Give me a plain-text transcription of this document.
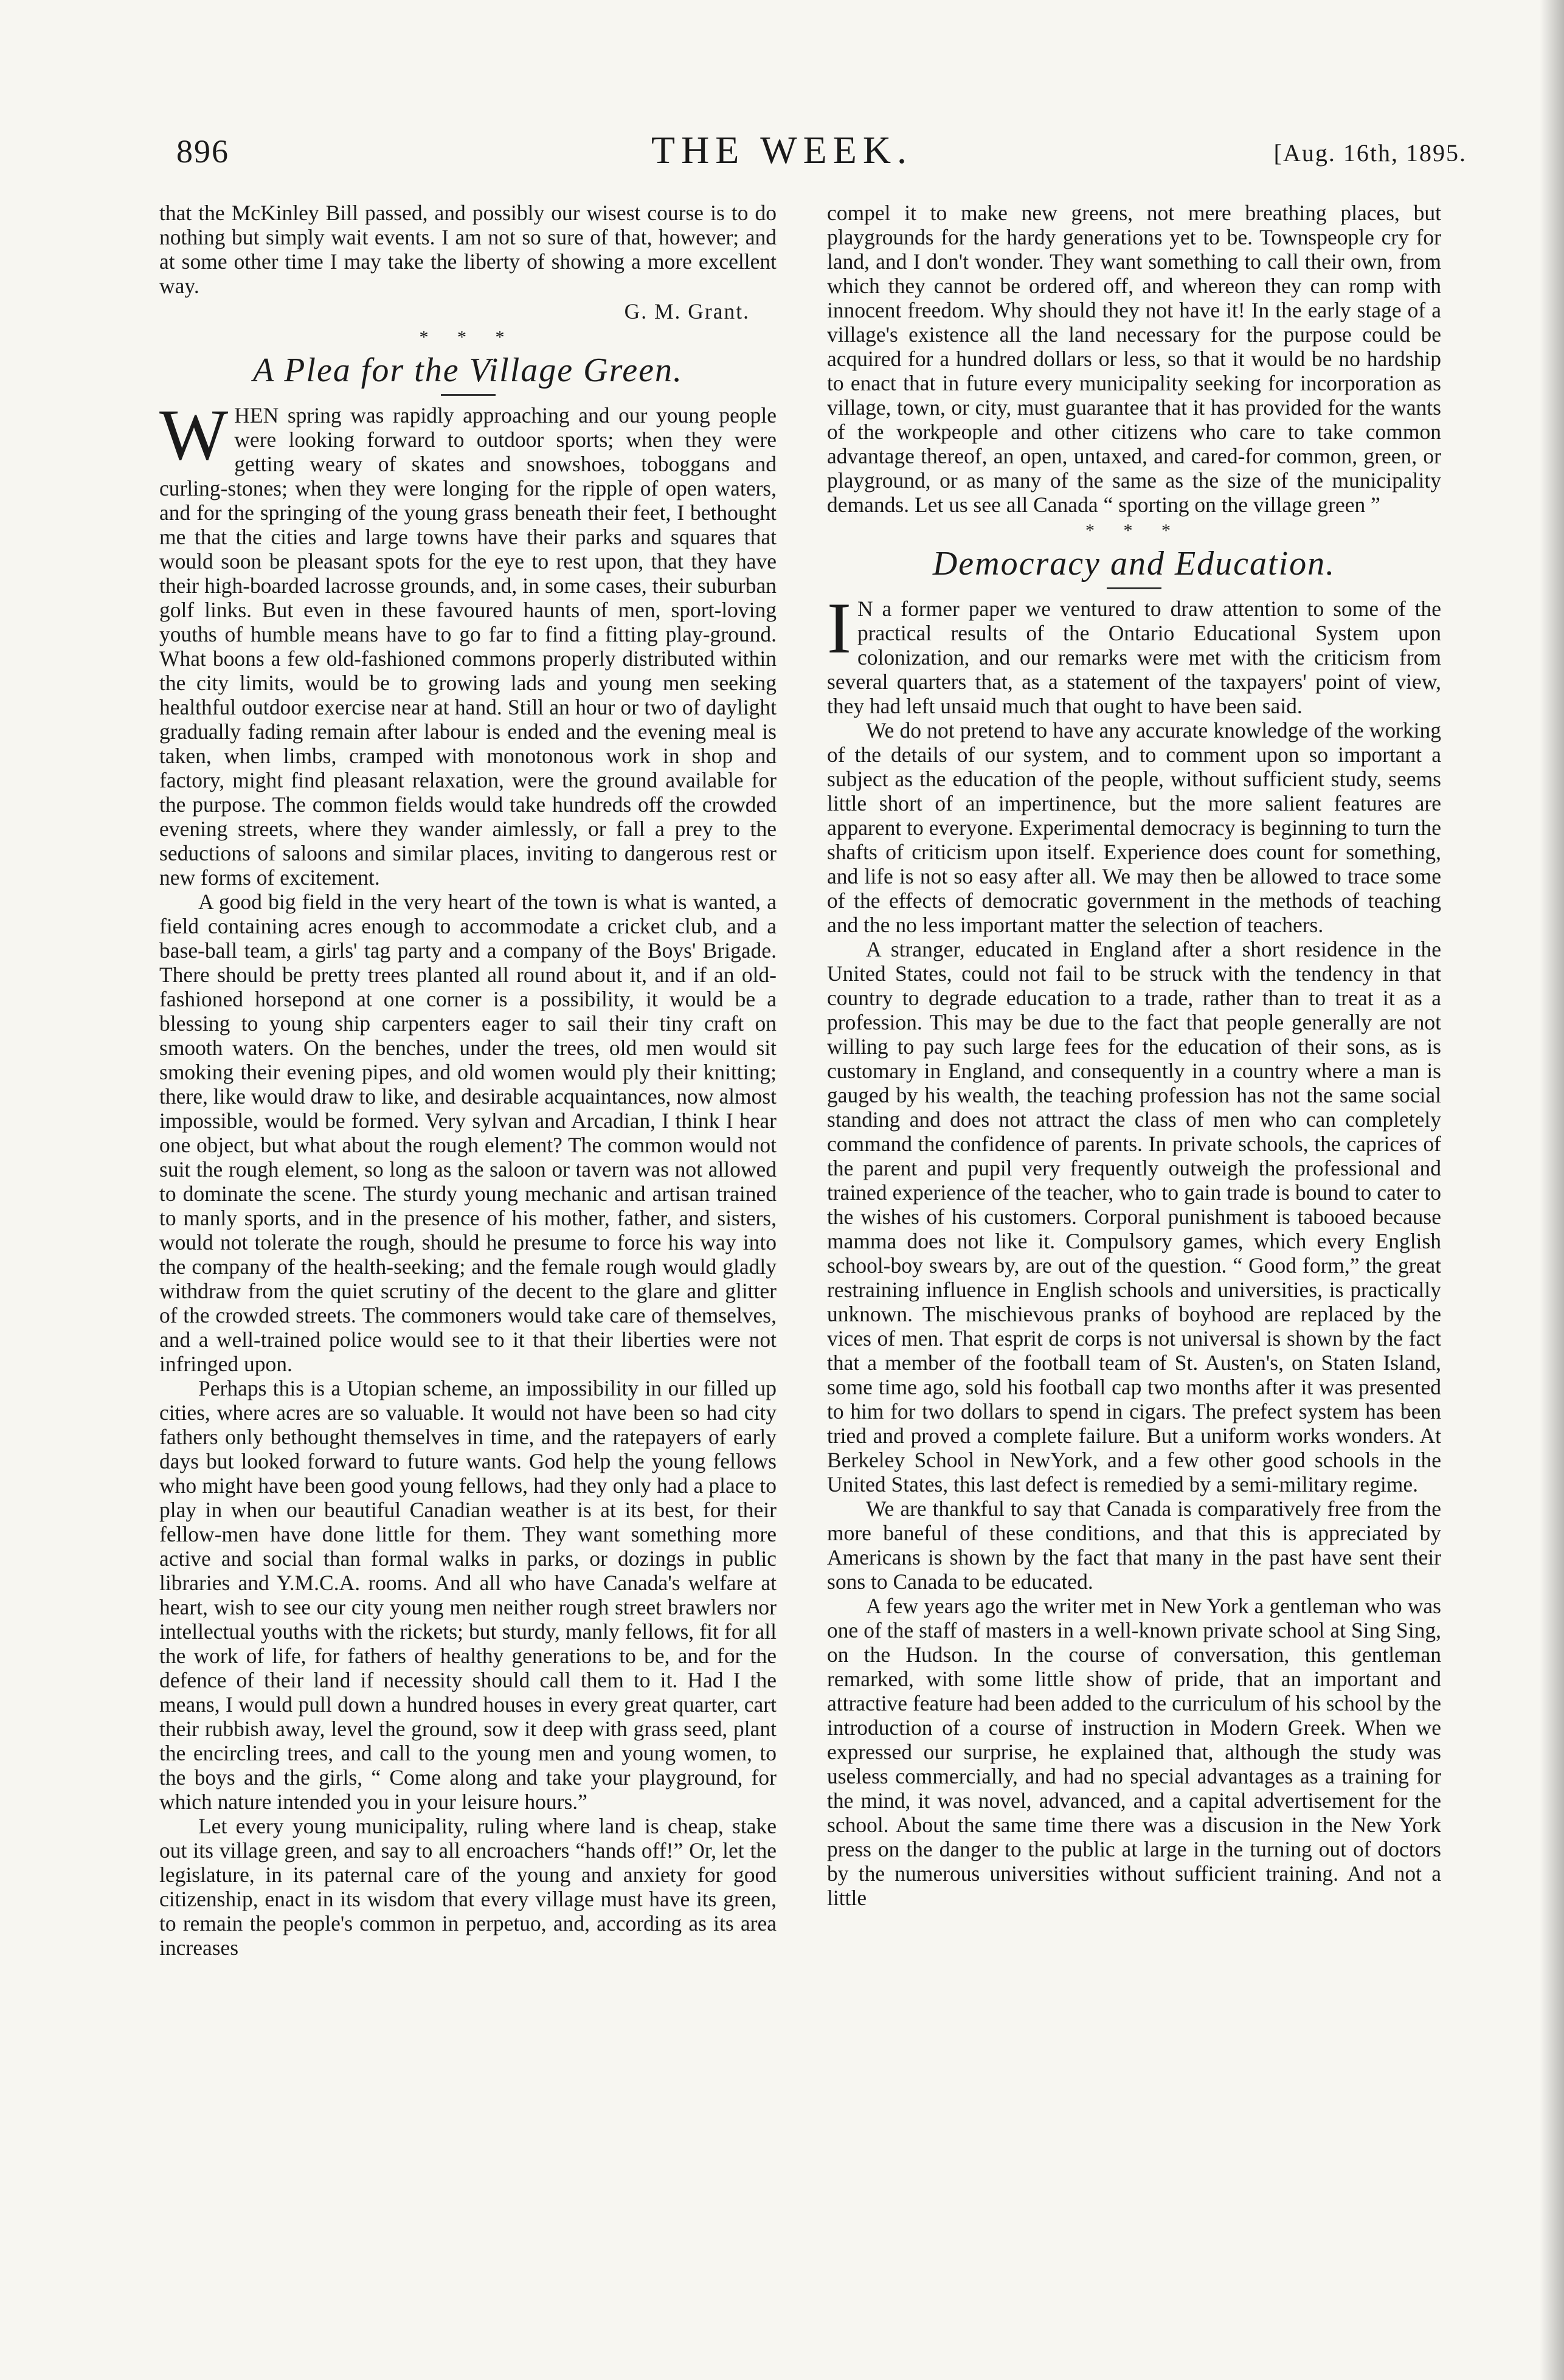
896	THE WEEK.	[Aug. 16th, 1895.

that the McKinley Bill passed, and possibly our wisest course is to do nothing but simply wait events. I am not so sure of that, however; and at some other time I may take the liberty of showing a more excellent way.

G. M. Grant.
* * *
A Plea for the Village Green.

WHEN spring was rapidly approaching and our young people were looking forward to outdoor sports; when they were getting weary of skates and snowshoes, toboggans and curling-stones; when they were longing for the ripple of open waters, and for the springing of the young grass beneath their feet, I bethought me that the cities and large towns have their parks and squares that would soon be pleasant spots for the eye to rest upon, that they have their high-boarded lacrosse grounds, and, in some cases, their suburban golf links. But even in these favoured haunts of men, sport-loving youths of humble means have to go far to find a fitting play-ground. What boons a few old-fashioned commons properly distributed within the city limits, would be to growing lads and young men seeking healthful outdoor exercise near at hand. Still an hour or two of daylight gradually fading remain after labour is ended and the evening meal is taken, when limbs, cramped with monotonous work in shop and factory, might find pleasant relaxation, were the ground available for the purpose. The common fields would take hundreds off the crowded evening streets, where they wander aimlessly, or fall a prey to the seductions of saloons and similar places, inviting to dangerous rest or new forms of excitement.

A good big field in the very heart of the town is what is wanted, a field containing acres enough to accommodate a cricket club, and a base-ball team, a girls' tag party and a company of the Boys' Brigade. There should be pretty trees planted all round about it, and if an old-fashioned horsepond at one corner is a possibility, it would be a blessing to young ship carpenters eager to sail their tiny craft on smooth waters. On the benches, under the trees, old men would sit smoking their evening pipes, and old women would ply their knitting; there, like would draw to like, and desirable acquaintances, now almost impossible, would be formed. Very sylvan and Arcadian, I think I hear one object, but what about the rough element? The common would not suit the rough element, so long as the saloon or tavern was not allowed to dominate the scene. The sturdy young mechanic and artisan trained to manly sports, and in the presence of his mother, father, and sisters, would not tolerate the rough, should he presume to force his way into the company of the health-seeking; and the female rough would gladly withdraw from the quiet scrutiny of the decent to the glare and glitter of the crowded streets. The commoners would take care of themselves, and a well-trained police would see to it that their liberties were not infringed upon.

Perhaps this is a Utopian scheme, an impossibility in our filled up cities, where acres are so valuable. It would not have been so had city fathers only bethought themselves in time, and the ratepayers of early days but looked forward to future wants. God help the young fellows who might have been good young fellows, had they only had a place to play in when our beautiful Canadian weather is at its best, for their fellow-men have done little for them. They want something more active and social than formal walks in parks, or dozings in public libraries and Y.M.C.A. rooms. And all who have Canada's welfare at heart, wish to see our city young men neither rough street brawlers nor intellectual youths with the rickets; but sturdy, manly fellows, fit for all the work of life, for fathers of healthy generations to be, and for the defence of their land if necessity should call them to it. Had I the means, I would pull down a hundred houses in every great quarter, cart their rubbish away, level the ground, sow it deep with grass seed, plant the encircling trees, and call to the young men and young women, to the boys and the girls, “ Come along and take your playground, for which nature intended you in your leisure hours.”

Let every young municipality, ruling where land is cheap, stake out its village green, and say to all encroachers “hands off!” Or, let the legislature, in its paternal care of the young and anxiety for good citizenship, enact in its wisdom that every village must have its green, to remain the people's common in perpetuo, and, according as its area increases

compel it to make new greens, not mere breathing places, but playgrounds for the hardy generations yet to be. Townspeople cry for land, and I don't wonder. They want something to call their own, from which they cannot be ordered off, and whereon they can romp with innocent freedom. Why should they not have it! In the early stage of a village's existence all the land necessary for the purpose could be acquired for a hundred dollars or less, so that it would be no hardship to enact that in future every municipality seeking for incorporation as village, town, or city, must guarantee that it has provided for the wants of the workpeople and other citizens who care to take common advantage thereof, an open, untaxed, and cared-for common, green, or playground, or as many of the same as the size of the municipality demands. Let us see all Canada “ sporting on the village green ”

* * *
Democracy and Education.

I N a former paper we ventured to draw attention to some of the practical results of the Ontario Educational System upon colonization, and our remarks were met with the criticism from several quarters that, as a statement of the taxpayers' point of view, they had left unsaid much that ought to have been said.

We do not pretend to have any accurate knowledge of the working of the details of our system, and to comment upon so important a subject as the education of the people, without sufficient study, seems little short of an impertinence, but the more salient features are apparent to everyone. Experimental democracy is beginning to turn the shafts of criticism upon itself. Experience does count for something, and life is not so easy after all. We may then be allowed to trace some of the effects of democratic government in the methods of teaching and the no less important matter the selection of teachers.

A stranger, educated in England after a short residence in the United States, could not fail to be struck with the tendency in that country to degrade education to a trade, rather than to treat it as a profession. This may be due to the fact that people generally are not willing to pay such large fees for the education of their sons, as is customary in England, and consequently in a country where a man is gauged by his wealth, the teaching profession has not the same social standing and does not attract the class of men who can completely command the confidence of parents. In private schools, the caprices of the parent and pupil very frequently outweigh the professional and trained experience of the teacher, who to gain trade is bound to cater to the wishes of his customers. Corporal punishment is tabooed because mamma does not like it. Compulsory games, which every English school-boy swears by, are out of the question. “ Good form,” the great restraining influence in English schools and universities, is practically unknown. The mischievous pranks of boyhood are replaced by the vices of men. That esprit de corps is not universal is shown by the fact that a member of the football team of St. Austen's, on Staten Island, some time ago, sold his football cap two months after it was presented to him for two dollars to spend in cigars. The prefect system has been tried and proved a complete failure. But a uniform works wonders. At Berkeley School in NewYork, and a few other good schools in the United States, this last defect is remedied by a semi-military regime.

We are thankful to say that Canada is comparatively free from the more baneful of these conditions, and that this is appreciated by Americans is shown by the fact that many in the past have sent their sons to Canada to be educated.

A few years ago the writer met in New York a gentleman who was one of the staff of masters in a well-known private school at Sing Sing, on the Hudson. In the course of conversation, this gentleman remarked, with some little show of pride, that an important and attractive feature had been added to the curriculum of his school by the introduction of a course of instruction in Modern Greek. When we expressed our surprise, he explained that, although the study was useless commercially, and had no special advantages as a training for the mind, it was novel, advanced, and a capital advertisement for the school. About the same time there was a discusion in the New York press on the danger to the public at large in the turning out of doctors by the numerous universities without sufficient training. And not a little
